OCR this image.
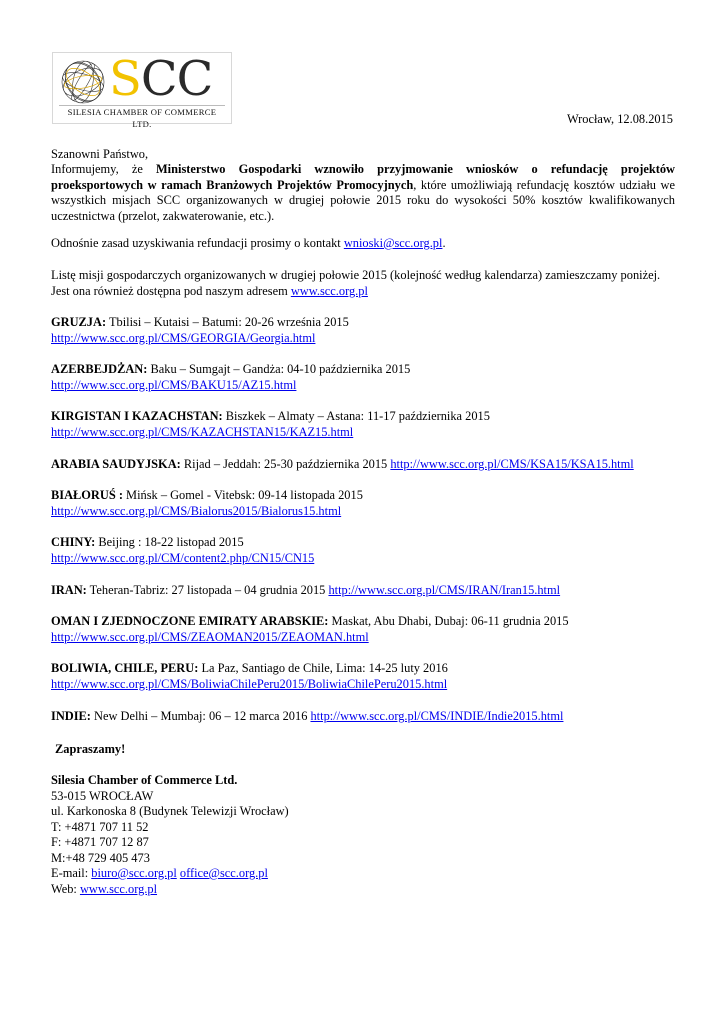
SCC
SILESIA CHAMBER OF COMMERCE LTD.	Wrocław, 12.08.2015
Szanowni Państwo,
Informujemy, że Ministerstwo Gospodarki wznowiło przyjmowanie wniosków o refundację projektów proeksportowych w ramach Branżowych Projektów Promocyjnych, które umożliwiają refundację kosztów udziału we wszystkich misjach SCC organizowanych w drugiej połowie 2015 roku do wysokości 50% kosztów kwalifikowanych uczestnictwa (przelot, zakwaterowanie, etc.).
Odnośnie zasad uzyskiwania refundacji prosimy o kontakt wnioski@scc.org.pl.
Listę misji gospodarczych organizowanych w drugiej połowie 2015 (kolejność według kalendarza) zamieszczamy poniżej. Jest ona również dostępna pod naszym adresem www.scc.org.pl
GRUZJA: Tbilisi – Kutaisi – Batumi: 20-26 września 2015
http://www.scc.org.pl/CMS/GEORGIA/Georgia.html
AZERBEJDŻAN: Baku – Sumgajt – Gandża: 04-10 października 2015
http://www.scc.org.pl/CMS/BAKU15/AZ15.html
KIRGISTAN I KAZACHSTAN: Biszkek – Almaty – Astana: 11-17 października 2015
http://www.scc.org.pl/CMS/KAZACHSTAN15/KAZ15.html
ARABIA SAUDYJSKA: Rijad – Jeddah: 25-30 października 2015 http://www.scc.org.pl/CMS/KSA15/KSA15.html
BIAŁORUŚ : Mińsk – Gomel - Vitebsk: 09-14 listopada 2015
http://www.scc.org.pl/CMS/Bialorus2015/Bialorus15.html
CHINY: Beijing : 18-22 listopad 2015
http://www.scc.org.pl/CM/content2.php/CN15/CN15
IRAN: Teheran-Tabriz: 27 listopada – 04 grudnia 2015 http://www.scc.org.pl/CMS/IRAN/Iran15.html
OMAN I ZJEDNOCZONE EMIRATY ARABSKIE: Maskat, Abu Dhabi, Dubaj: 06-11 grudnia 2015
http://www.scc.org.pl/CMS/ZEAOMAN2015/ZEAOMAN.html
BOLIWIA, CHILE, PERU: La Paz, Santiago de Chile, Lima: 14-25 luty 2016
http://www.scc.org.pl/CMS/BoliwiaChilePeru2015/BoliwiaChilePeru2015.html
INDIE: New Delhi – Mumbaj: 06 – 12 marca 2016 http://www.scc.org.pl/CMS/INDIE/Indie2015.html
Zapraszamy!
Silesia Chamber of Commerce Ltd.
53-015 WROCŁAW
ul. Karkonoska 8 (Budynek Telewizji Wrocław)
T: +4871 707 11 52
F: +4871 707 12 87
M:+48 729 405 473
E-mail: biuro@scc.org.pl office@scc.org.pl
Web: www.scc.org.pl
